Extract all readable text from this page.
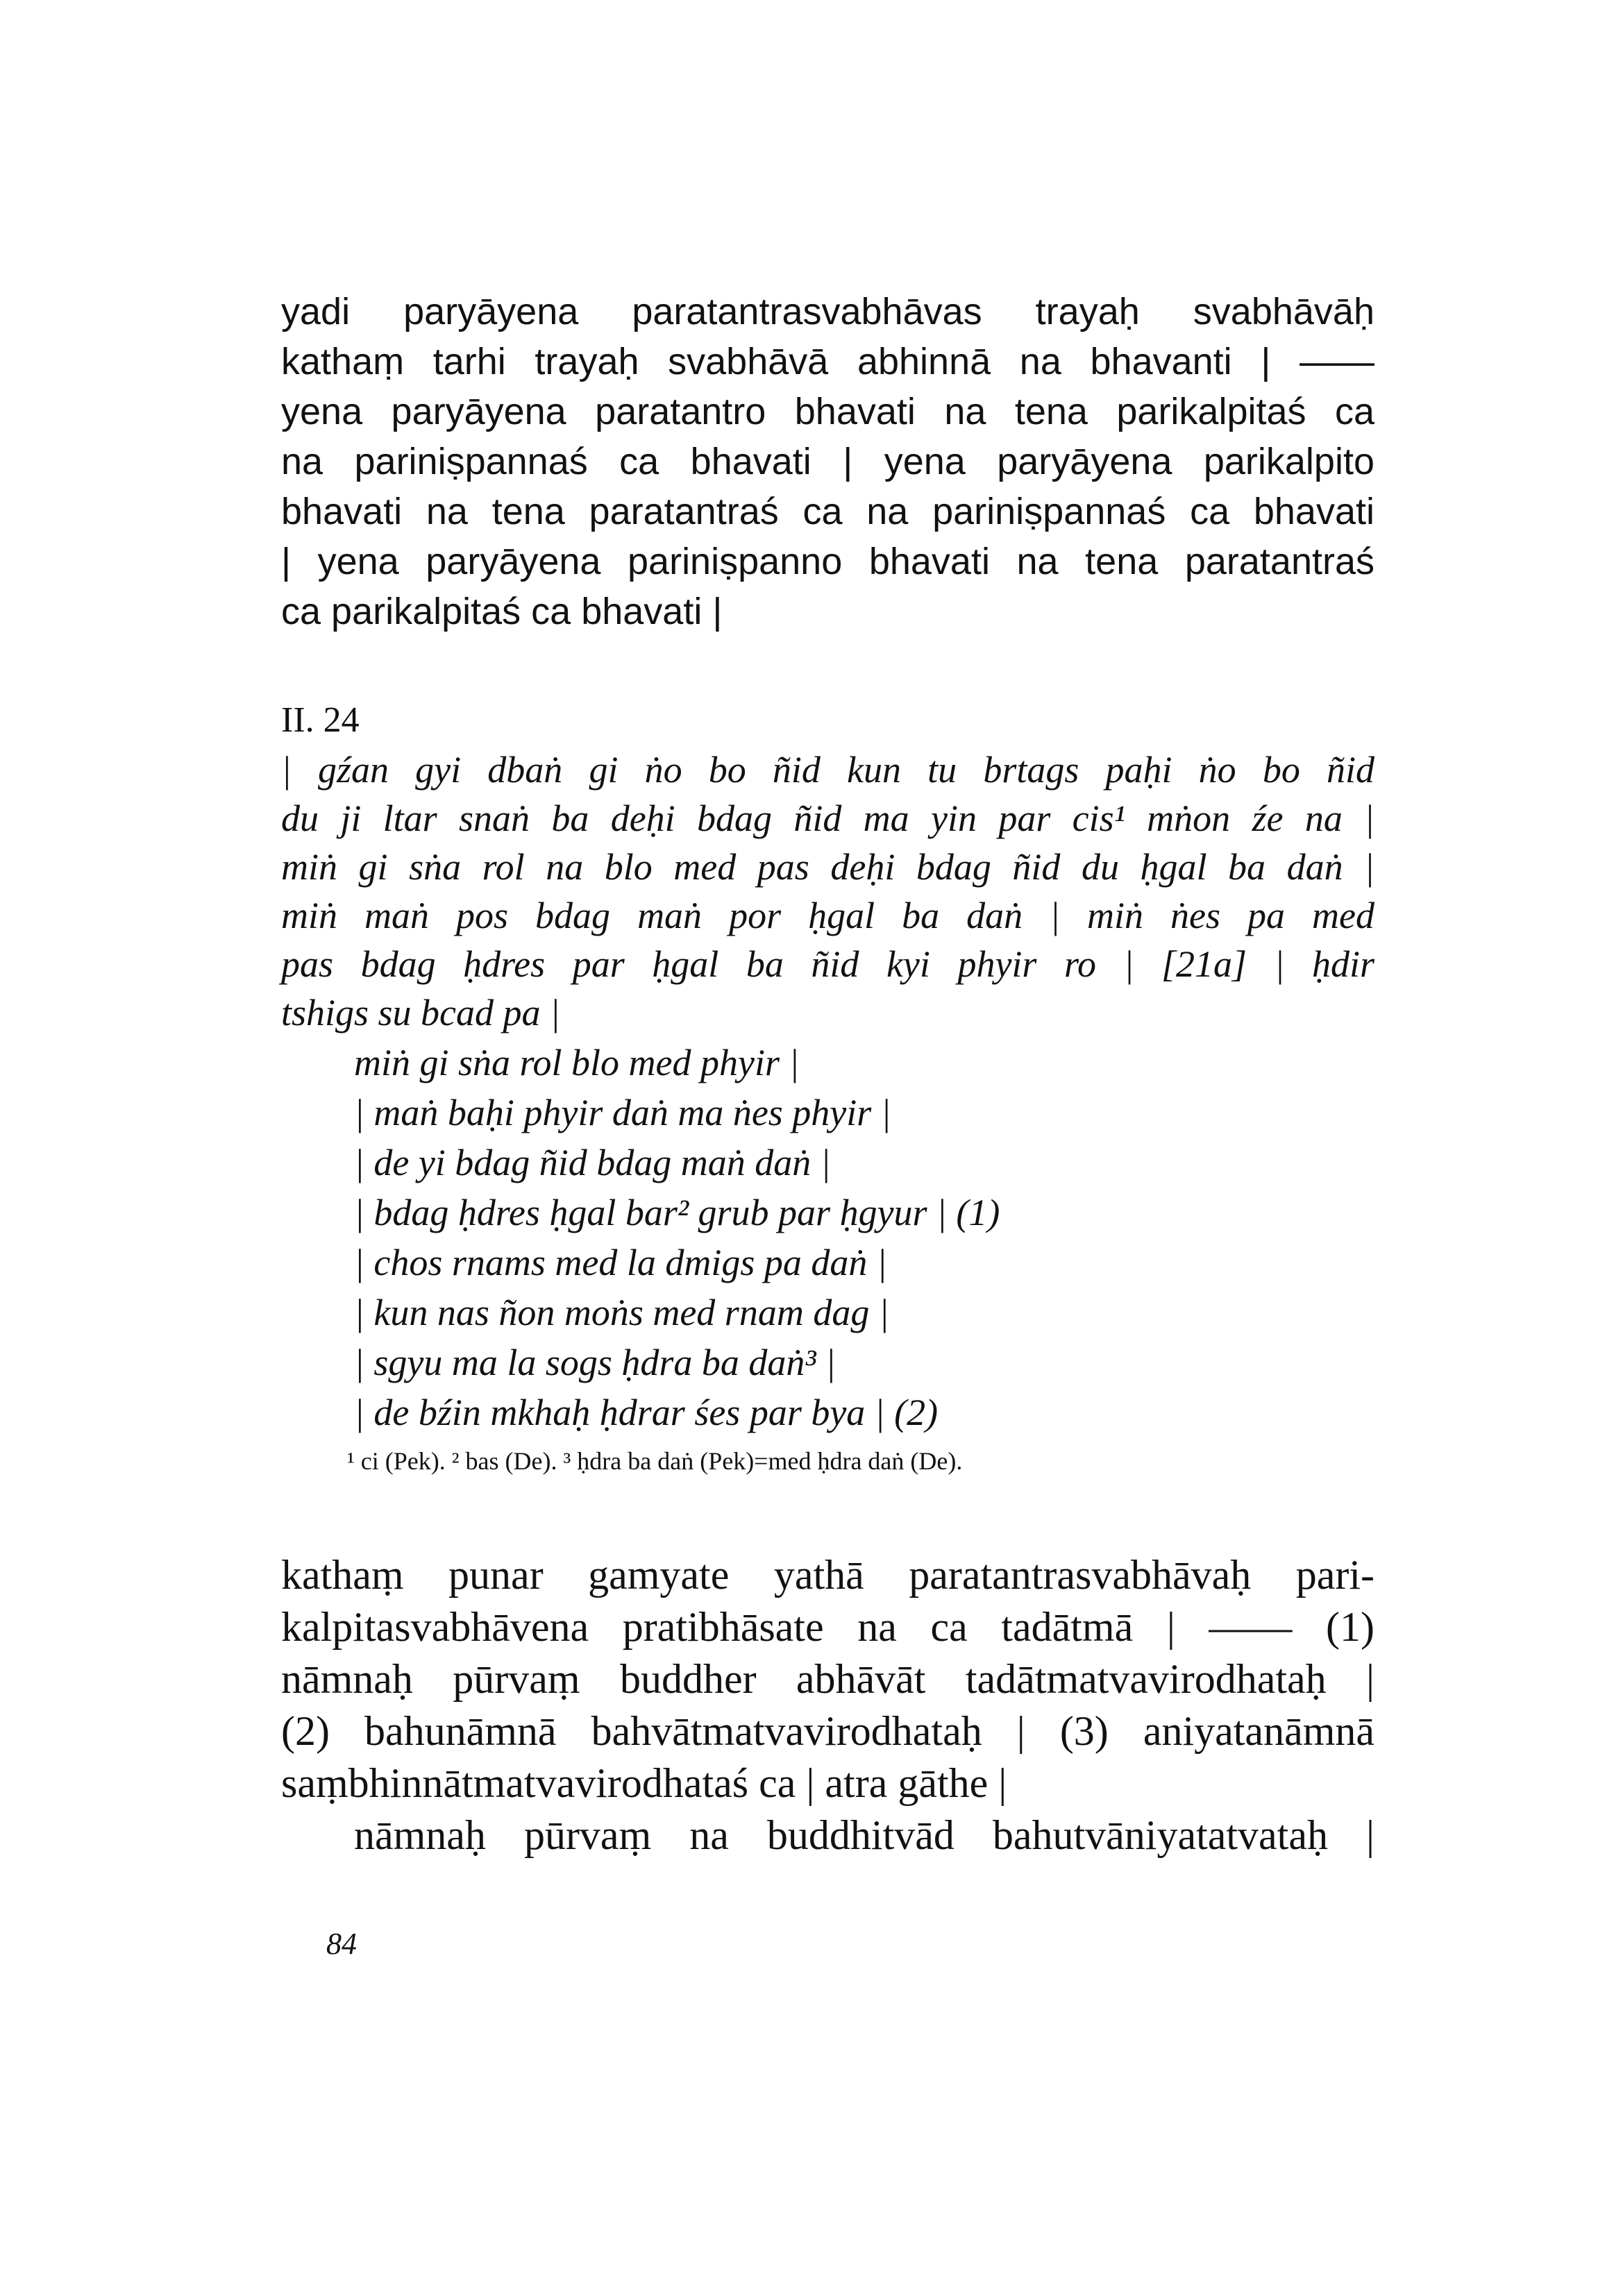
yadi paryāyena paratantrasvabhāvas trayaḥ svabhāvāḥ
kathaṃ tarhi trayaḥ svabhāvā abhinnā na bhavanti | ——
yena paryāyena paratantro bhavati na tena parikalpitaś ca
na pariniṣpannaś ca bhavati | yena paryāyena parikalpito
bhavati na tena paratantraś ca na pariniṣpannaś ca bhavati
| yena paryāyena pariniṣpanno bhavati na tena paratantraś
ca parikalpitaś ca bhavati |
II. 24
| gźan gyi dbaṅ gi ṅo bo ñid kun tu brtags paḥi ṅo bo ñid
du ji ltar snaṅ ba deḥi bdag ñid ma yin par cis¹ mṅon źe na |
miṅ gi sṅa rol na blo med pas deḥi bdag ñid du ḥgal ba daṅ |
miṅ maṅ pos bdag maṅ por ḥgal ba daṅ | miṅ ṅes pa med
pas bdag ḥdres par ḥgal ba ñid kyi phyir ro | [21a] | ḥdir
tshigs su bcad pa |
miṅ gi sṅa rol blo med phyir |
| maṅ baḥi phyir daṅ ma ṅes phyir |
| de yi bdag ñid bdag maṅ daṅ |
| bdag ḥdres ḥgal bar² grub par ḥgyur | (1)
| chos rnams med la dmigs pa daṅ |
| kun nas ñon moṅs med rnam dag |
| sgyu ma la sogs ḥdra ba daṅ³ |
| de bźin mkhaḥ ḥdrar śes par bya | (2)
¹ ci (Pek). ² bas (De). ³ ḥdra ba daṅ (Pek)=med ḥdra daṅ (De).
kathaṃ punar gamyate yathā paratantrasvabhāvaḥ pari-
kalpitasvabhāvena pratibhāsate na ca tadātmā | —— (1)
nāmnaḥ pūrvaṃ buddher abhāvāt tadātmatvavirodhataḥ |
(2) bahunāmnā bahvātmatvavirodhataḥ | (3) aniyatanāmnā
saṃbhinnātmatvavirodhataś ca | atra gāthe |
nāmnaḥ pūrvaṃ na buddhitvād bahutvāniyatatvataḥ |
84
